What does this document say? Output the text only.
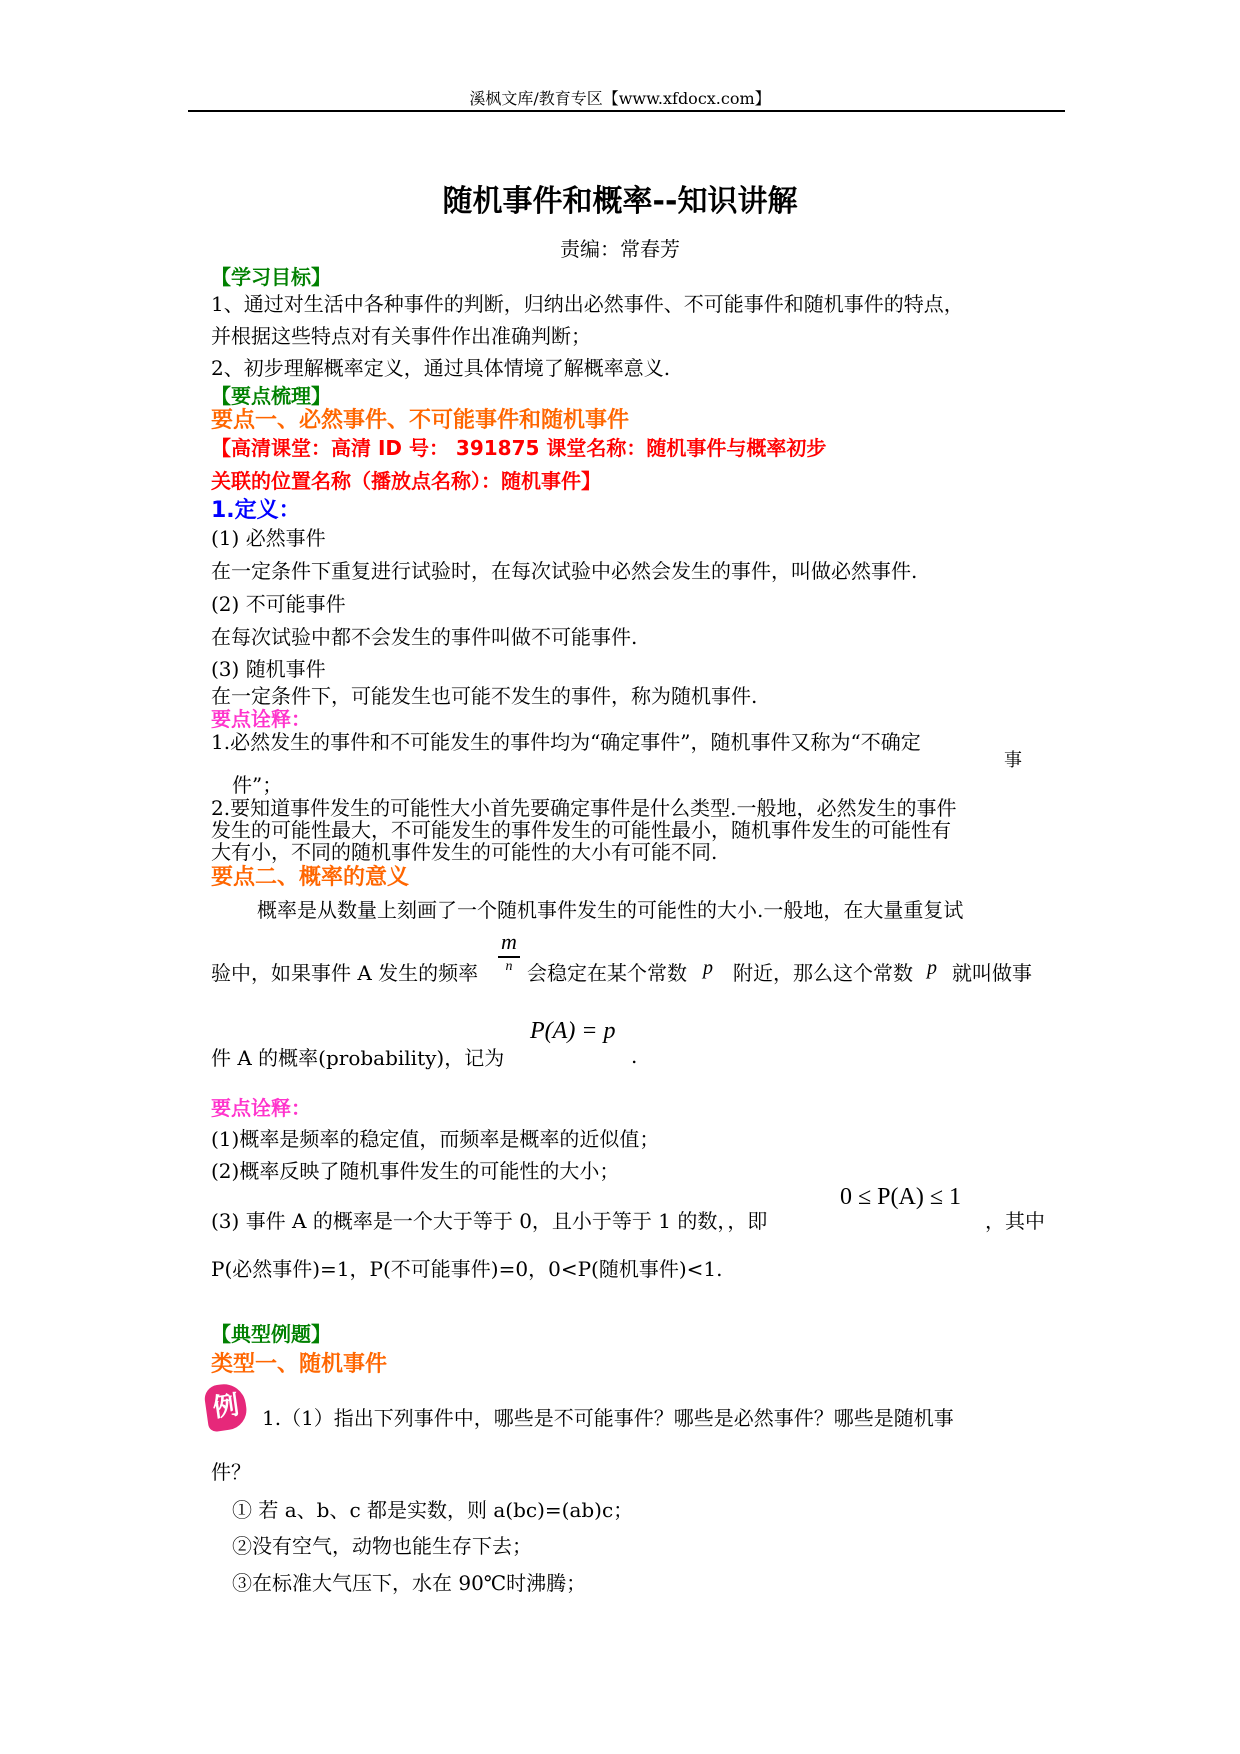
溪枫文库/教育专区【www.xfdocx.com】
随机事件和概率--知识讲解
责编：常春芳
【学习目标】
1、通过对生活中各种事件的判断，归纳出必然事件、不可能事件和随机事件的特点，
并根据这些特点对有关事件作出准确判断；
2、初步理解概率定义，通过具体情境了解概率意义.
【要点梳理】
要点一、必然事件、不可能事件和随机事件
【高清课堂：高清 ID 号： 391875 课堂名称：随机事件与概率初步
关联的位置名称（播放点名称）：随机事件】
1.定义：
(1) 必然事件
在一定条件下重复进行试验时，在每次试验中必然会发生的事件，叫做必然事件.
(2) 不可能事件
在每次试验中都不会发生的事件叫做不可能事件.
(3) 随机事件
在一定条件下，可能发生也可能不发生的事件，称为随机事件.
要点诠释：
1.必然发生的事件和不可能发生的事件均为“确定事件”，随机事件又称为“不确定
事
件”；
2.要知道事件发生的可能性大小首先要确定事件是什么类型.一般地，必然发生的事件
发生的可能性最大，不可能发生的事件发生的可能性最小，随机事件发生的可能性有
大有小，不同的随机事件发生的可能性的大小有可能不同.
要点二、概率的意义
概率是从数量上刻画了一个随机事件发生的可能性的大小.一般地，在大量重复试
验中，如果事件 A 发生的频率
m
n 会稳定在某个常数 p 附近，那么这个常数 p 就叫做事
件 A 的概率(probability)，记为
P(A) = p
.
要点诠释：
(1)概率是频率的稳定值，而频率是概率的近似值；
(2)概率反映了随机事件发生的可能性的大小；
(3) 事件 A 的概率是一个大于等于 0，且小于等于 1 的数，，即
0 ≤ P(A) ≤ 1
，其中
P(必然事件)=1，P(不可能事件)=0，0<P(随机事件)<1.
【典型例题】
类型一、随机事件
例	1.（1）指出下列事件中，哪些是不可能事件？哪些是必然事件？哪些是随机事
件？
① 若 a、b、c 都是实数，则 a(bc)=(ab)c；
②没有空气，动物也能生存下去；
③在标准大气压下，水在 90℃时沸腾；
